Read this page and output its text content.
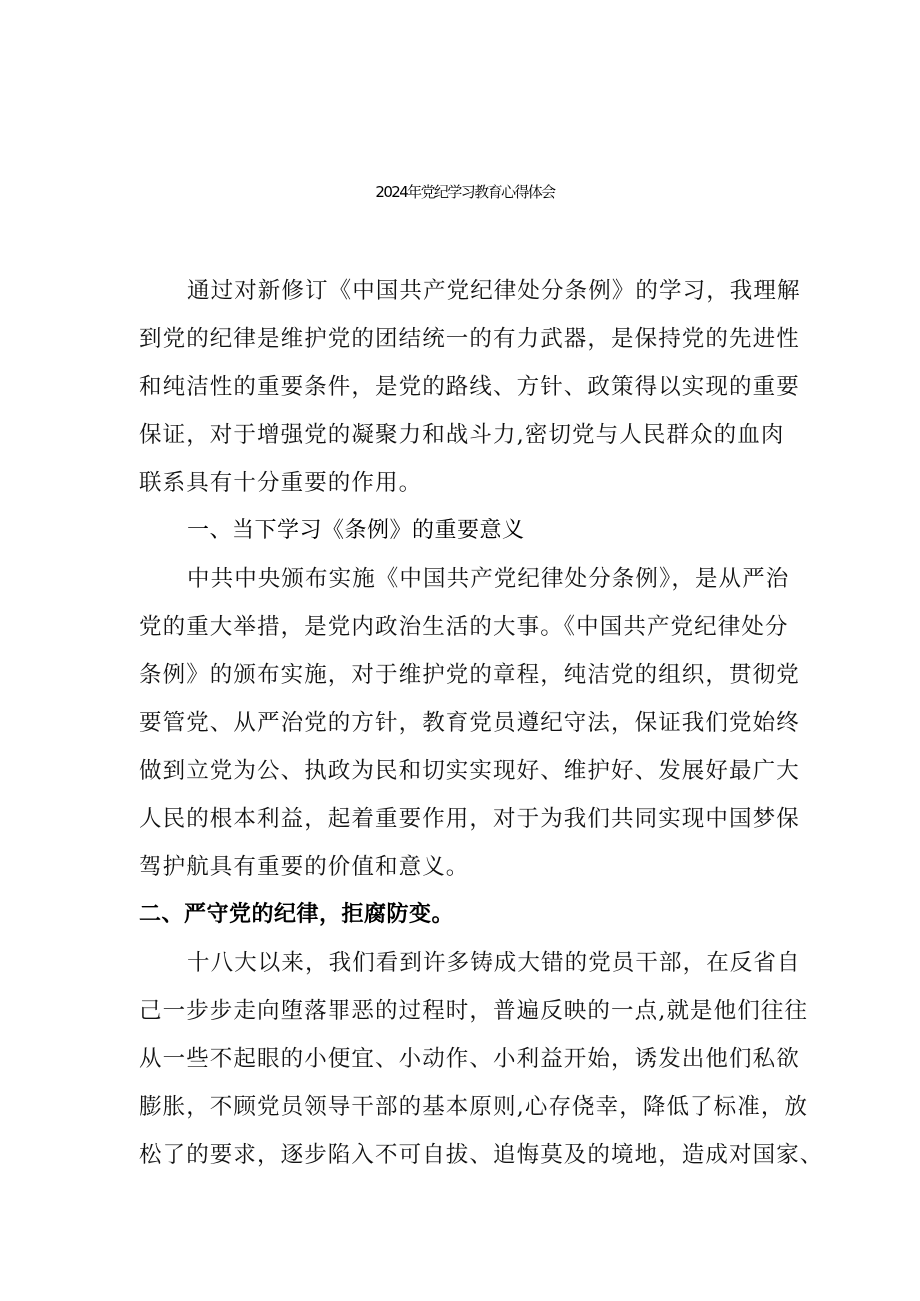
2024年党纪学习教育心得体会
通过对新修订《中国共产党纪律处分条例》的学习，我理解
到党的纪律是维护党的团结统一的有力武器，是保持党的先进性
和纯洁性的重要条件，是党的路线、方针、政策得以实现的重要
保证，对于增强党的凝聚力和战斗力,密切党与人民群众的血肉
联系具有十分重要的作用。
一、当下学习《条例》的重要意义
中共中央颁布实施《中国共产党纪律处分条例》，是从严治
党的重大举措，是党内政治生活的大事。《中国共产党纪律处分
条例》的颁布实施，对于维护党的章程，纯洁党的组织，贯彻党
要管党、从严治党的方针，教育党员遵纪守法，保证我们党始终
做到立党为公、执政为民和切实实现好、维护好、发展好最广大
人民的根本利益，起着重要作用，对于为我们共同实现中国梦保
驾护航具有重要的价值和意义。
二、严守党的纪律，拒腐防变。
十八大以来，我们看到许多铸成大错的党员干部，在反省自
己一步步走向堕落罪恶的过程时，普遍反映的一点,就是他们往往
从一些不起眼的小便宜、小动作、小利益开始，诱发出他们私欲
膨胀，不顾党员领导干部的基本原则,心存侥幸，降低了标准，放
松了的要求，逐步陷入不可自拔、追悔莫及的境地，造成对国家、
